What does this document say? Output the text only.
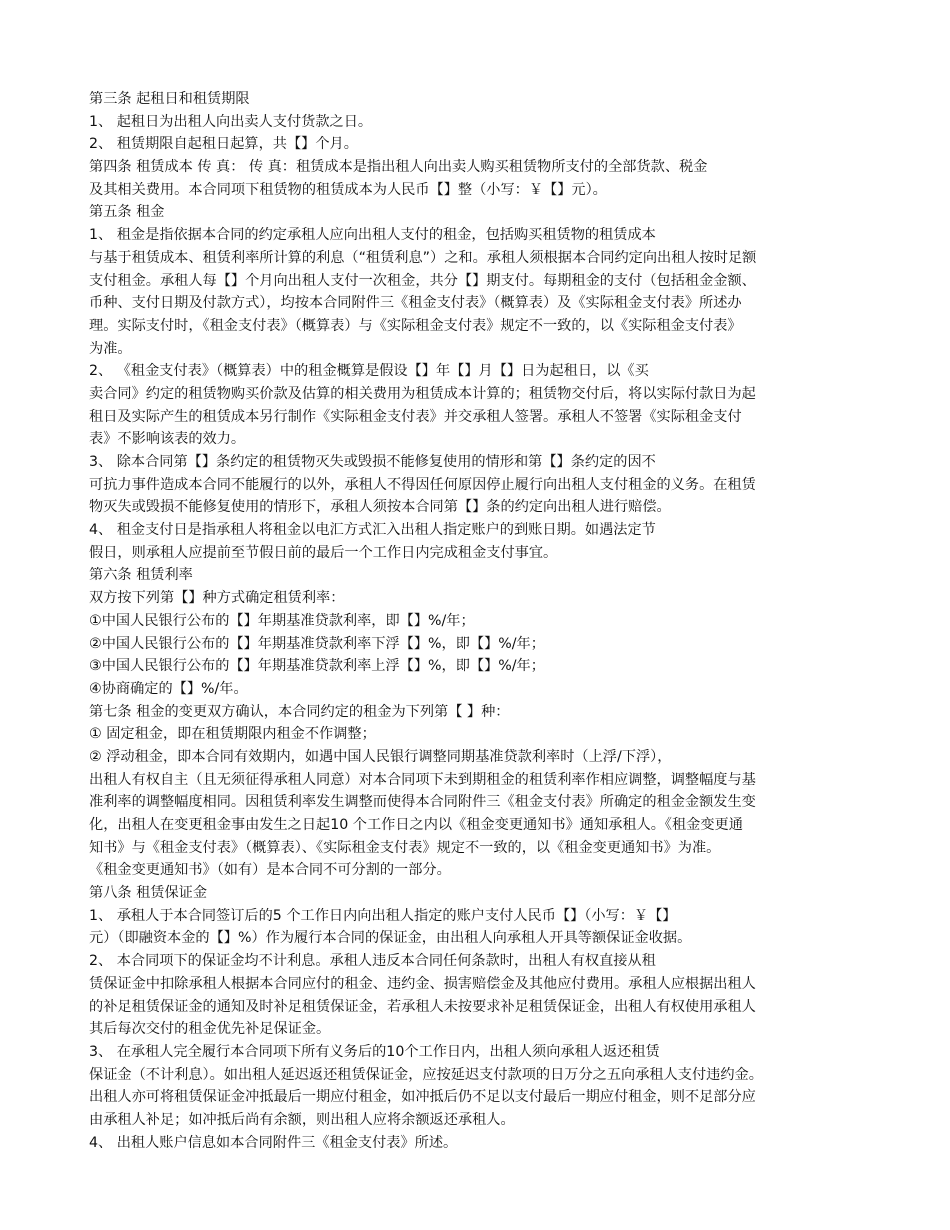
第三条 起租日和租赁期限
1、 起租日为出租人向出卖人支付货款之日。
2、 租赁期限自起租日起算，共【】个月。
第四条 租赁成本 传 真： 传 真：租赁成本是指出租人向出卖人购买租赁物所支付的全部货款、税金
及其相关费用。本合同项下租赁物的租赁成本为人民币【】整（小写：￥【】元）。
第五条 租金
1、 租金是指依据本合同的约定承租人应向出租人支付的租金，包括购买租赁物的租赁成本
与基于租赁成本、租赁利率所计算的利息（“租赁利息”）之和。承租人须根据本合同约定向出租人按时足额
支付租金。承租人每【】个月向出租人支付一次租金，共分【】期支付。每期租金的支付（包括租金金额、
币种、支付日期及付款方式），均按本合同附件三《租金支付表》（概算表）及《实际租金支付表》所述办
理。实际支付时，《租金支付表》（概算表）与《实际租金支付表》规定不一致的，以《实际租金支付表》
为准。
2、 《租金支付表》（概算表）中的租金概算是假设【】年【】月【】日为起租日，以《买
卖合同》约定的租赁物购买价款及估算的相关费用为租赁成本计算的；租赁物交付后，将以实际付款日为起
租日及实际产生的租赁成本另行制作《实际租金支付表》并交承租人签署。承租人不签署《实际租金支付
表》不影响该表的效力。
3、 除本合同第【】条约定的租赁物灭失或毁损不能修复使用的情形和第【】条约定的因不
可抗力事件造成本合同不能履行的以外，承租人不得因任何原因停止履行向出租人支付租金的义务。在租赁
物灭失或毁损不能修复使用的情形下，承租人须按本合同第【】条的约定向出租人进行赔偿。
4、 租金支付日是指承租人将租金以电汇方式汇入出租人指定账户的到账日期。如遇法定节
假日，则承租人应提前至节假日前的最后一个工作日内完成租金支付事宜。
第六条 租赁利率
双方按下列第【】种方式确定租赁利率：
①中国人民银行公布的【】年期基准贷款利率，即【】%/年；
②中国人民银行公布的【】年期基准贷款利率下浮【】%，即【】%/年；
③中国人民银行公布的【】年期基准贷款利率上浮【】%，即【】%/年；
④协商确定的【】%/年。
第七条 租金的变更双方确认，本合同约定的租金为下列第【 】种：
① 固定租金，即在租赁期限内租金不作调整；
② 浮动租金，即本合同有效期内，如遇中国人民银行调整同期基准贷款利率时（上浮/下浮），
出租人有权自主（且无须征得承租人同意）对本合同项下未到期租金的租赁利率作相应调整，调整幅度与基
准利率的调整幅度相同。因租赁利率发生调整而使得本合同附件三《租金支付表》所确定的租金金额发生变
化，出租人在变更租金事由发生之日起10 个工作日之内以《租金变更通知书》通知承租人。《租金变更通
知书》与《租金支付表》（概算表）、《实际租金支付表》规定不一致的，以《租金变更通知书》为准。
《租金变更通知书》（如有）是本合同不可分割的一部分。
第八条 租赁保证金
1、 承租人于本合同签订后的5 个工作日内向出租人指定的账户支付人民币【】（小写：￥【】
元）（即融资本金的【】%）作为履行本合同的保证金，由出租人向承租人开具等额保证金收据。
2、 本合同项下的保证金均不计利息。承租人违反本合同任何条款时，出租人有权直接从租
赁保证金中扣除承租人根据本合同应付的租金、违约金、损害赔偿金及其他应付费用。承租人应根据出租人
的补足租赁保证金的通知及时补足租赁保证金，若承租人未按要求补足租赁保证金，出租人有权使用承租人
其后每次交付的租金优先补足保证金。
3、 在承租人完全履行本合同项下所有义务后的10个工作日内，出租人须向承租人返还租赁
保证金（不计利息）。如出租人延迟返还租赁保证金，应按延迟支付款项的日万分之五向承租人支付违约金。
出租人亦可将租赁保证金冲抵最后一期应付租金，如冲抵后仍不足以支付最后一期应付租金，则不足部分应
由承租人补足；如冲抵后尚有余额，则出租人应将余额返还承租人。
4、 出租人账户信息如本合同附件三《租金支付表》所述。
